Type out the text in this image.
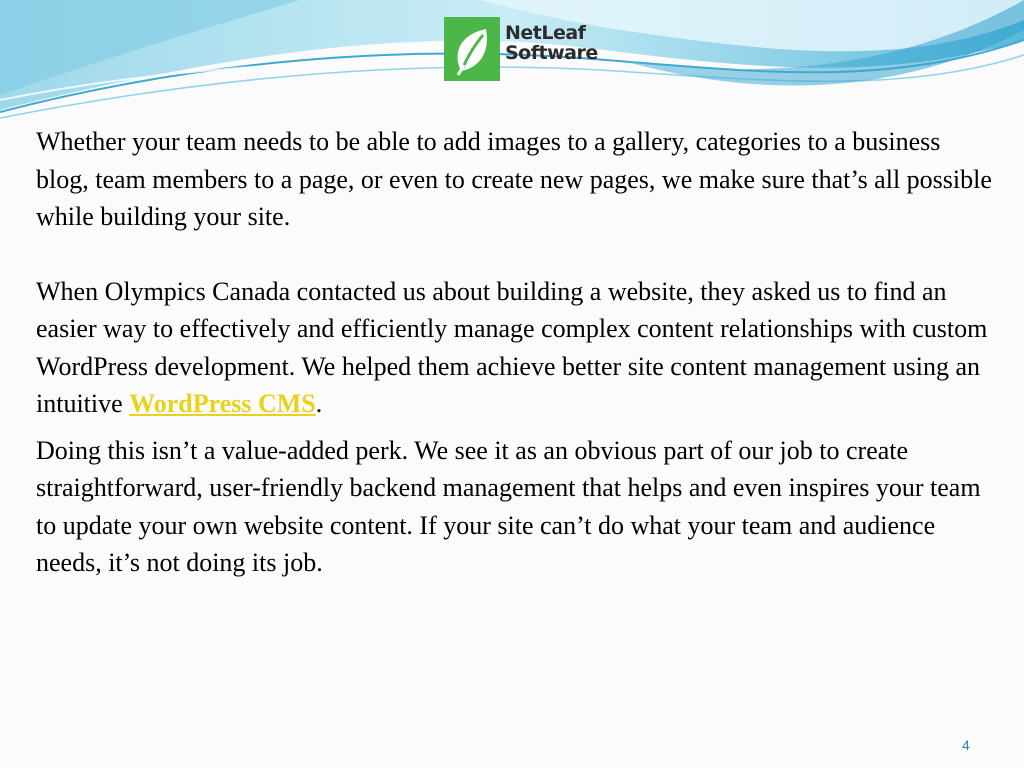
NetLeaf
Software

Whether your team needs to be able to add images to a gallery, categories to a business blog, team members to a page, or even to create new pages, we make sure that’s all possible while building your site.

When Olympics Canada contacted us about building a website, they asked us to find an easier way to effectively and efficiently manage complex content relationships with custom WordPress development. We helped them achieve better site content management using an intuitive WordPress CMS.

Doing this isn’t a value-added perk. We see it as an obvious part of our job to create straightforward, user-friendly backend management that helps and even inspires your team to update your own website content. If your site can’t do what your team and audience needs, it’s not doing its job.

4
